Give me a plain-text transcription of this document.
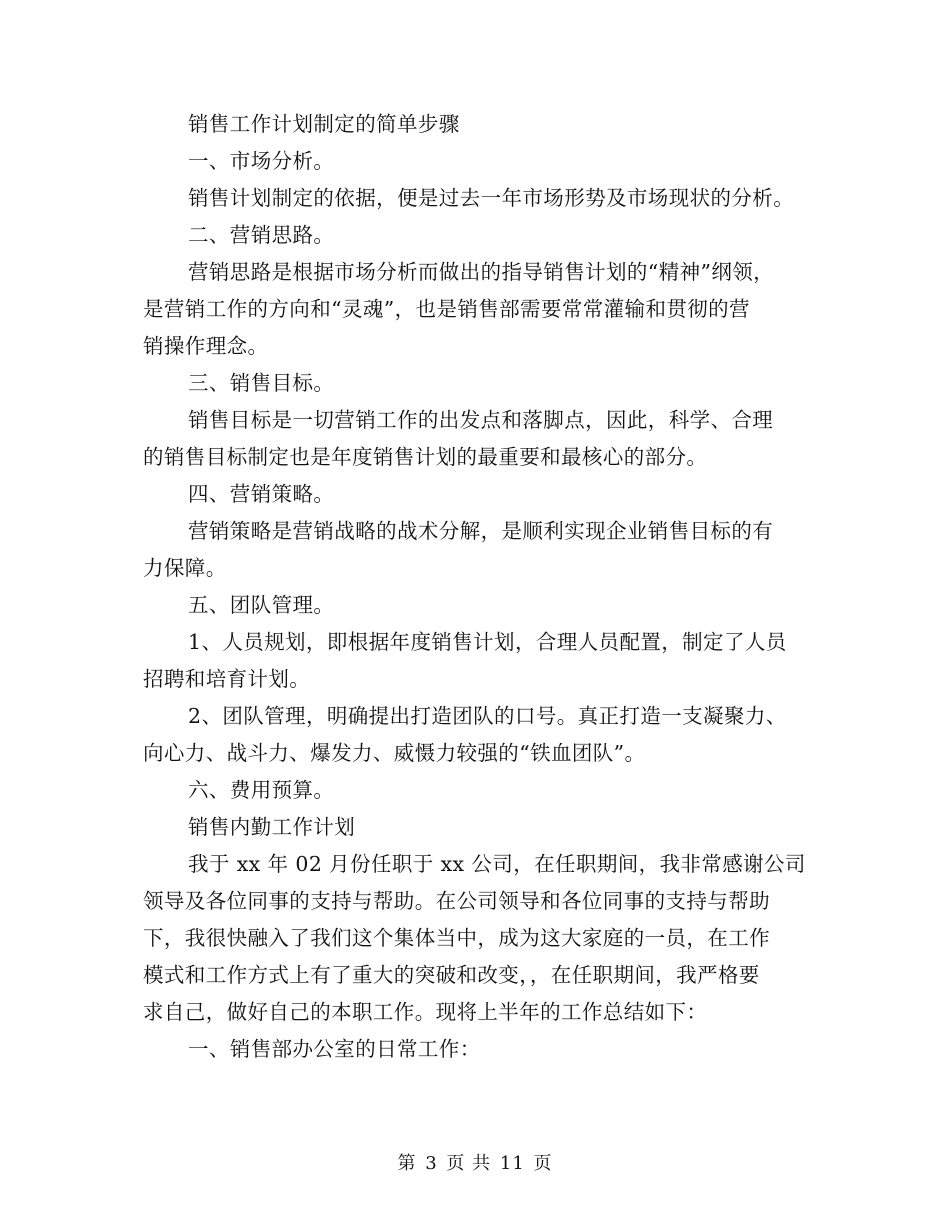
销售工作计划制定的简单步骤

一、市场分析。

销售计划制定的依据，便是过去一年市场形势及市场现状的分析。

二、营销思路。

营销思路是根据市场分析而做出的指导销售计划的“精神”纲领，

是营销工作的方向和“灵魂”，也是销售部需要常常灌输和贯彻的营

销操作理念。

三、销售目标。

销售目标是一切营销工作的出发点和落脚点，因此，科学、合理

的销售目标制定也是年度销售计划的最重要和最核心的部分。

四、营销策略。

营销策略是营销战略的战术分解，是顺利实现企业销售目标的有

力保障。

五、团队管理。

1、人员规划，即根据年度销售计划，合理人员配置，制定了人员

招聘和培育计划。

2、团队管理，明确提出打造团队的口号。真正打造一支凝聚力、

向心力、战斗力、爆发力、威慑力较强的“铁血团队”。

六、费用预算。

销售内勤工作计划

我于 xx 年 02 月份任职于 xx 公司，在任职期间，我非常感谢公司

领导及各位同事的支持与帮助。在公司领导和各位同事的支持与帮助

下，我很快融入了我们这个集体当中，成为这大家庭的一员，在工作

模式和工作方式上有了重大的突破和改变，，在任职期间，我严格要

求自己，做好自己的本职工作。现将上半年的工作总结如下：

一、销售部办公室的日常工作：

第 3 页 共 11 页
